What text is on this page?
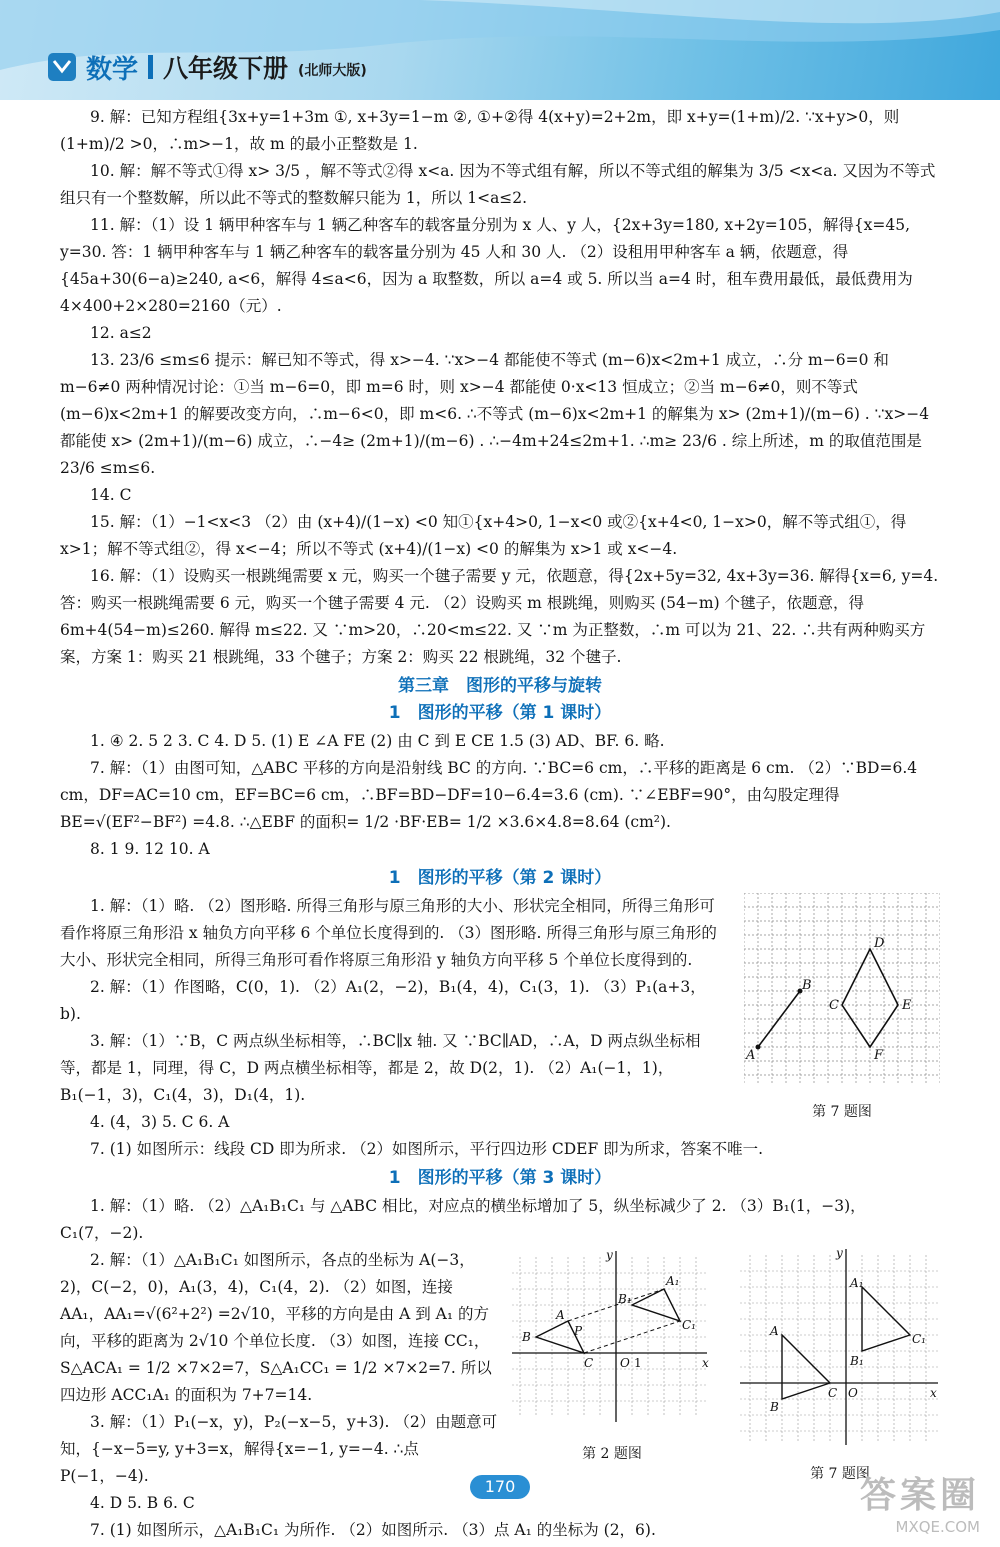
数学 八年级下册 (北师大版)

9. 解：已知方程组{3x+y=1+3m ①, x+3y=1−m ②, ①+②得 4(x+y)=2+2m，即 x+y=(1+m)/2. ∵x+y>0，则 (1+m)/2 >0，∴m>−1，故 m 的最小正整数是 1.

10. 解：解不等式①得 x> 3/5 ，解不等式②得 x<a. 因为不等式组有解，所以不等式组的解集为 3/5 <x<a. 又因为不等式组只有一个整数解，所以此不等式的整数解只能为 1，所以 1<a≤2.

11. 解：（1）设 1 辆甲种客车与 1 辆乙种客车的载客量分别为 x 人、y 人，{2x+3y=180, x+2y=105，解得{x=45, y=30. 答：1 辆甲种客车与 1 辆乙种客车的载客量分别为 45 人和 30 人. （2）设租用甲种客车 a 辆，依题意，得{45a+30(6−a)≥240, a<6，解得 4≤a<6，因为 a 取整数，所以 a=4 或 5. 所以当 a=4 时，租车费用最低，最低费用为 4×400+2×280=2160（元）.

12. a≤2

13. 23/6 ≤m≤6 提示：解已知不等式，得 x>−4. ∵x>−4 都能使不等式 (m−6)x<2m+1 成立，∴分 m−6=0 和 m−6≠0 两种情况讨论：①当 m−6=0，即 m=6 时，则 x>−4 都能使 0·x<13 恒成立；②当 m−6≠0，则不等式 (m−6)x<2m+1 的解要改变方向，∴m−6<0，即 m<6. ∴不等式 (m−6)x<2m+1 的解集为 x> (2m+1)/(m−6) . ∵x>−4 都能使 x> (2m+1)/(m−6) 成立，∴−4≥ (2m+1)/(m−6) . ∴−4m+24≤2m+1. ∴m≥ 23/6 . 综上所述，m 的取值范围是 23/6 ≤m≤6.

14. C

15. 解：（1）−1<x<3 （2）由 (x+4)/(1−x) <0 知①{x+4>0, 1−x<0 或②{x+4<0, 1−x>0，解不等式组①，得 x>1；解不等式组②，得 x<−4；所以不等式 (x+4)/(1−x) <0 的解集为 x>1 或 x<−4.

16. 解：（1）设购买一根跳绳需要 x 元，购买一个毽子需要 y 元，依题意，得{2x+5y=32, 4x+3y=36. 解得{x=6, y=4. 答：购买一根跳绳需要 6 元，购买一个毽子需要 4 元. （2）设购买 m 根跳绳，则购买 (54−m) 个毽子，依题意，得 6m+4(54−m)≤260. 解得 m≤22. 又 ∵m>20，∴20<m≤22. 又 ∵m 为正整数，∴m 可以为 21、22. ∴共有两种购买方案，方案 1：购买 21 根跳绳，33 个毽子；方案 2：购买 22 根跳绳，32 个毽子.

第三章　图形的平移与旋转
1　图形的平移（第 1 课时）

1. ④ 2. 5 2 3. C 4. D 5. (1) E ∠A FE (2) 由 C 到 E CE 1.5 (3) AD、BF. 6. 略.

7. 解：（1）由图可知，△ABC 平移的方向是沿射线 BC 的方向. ∵BC=6 cm，∴平移的距离是 6 cm. （2）∵BD=6.4 cm，DF=AC=10 cm，EF=BC=6 cm，∴BF=BD−DF=10−6.4=3.6 (cm). ∵∠EBF=90°，由勾股定理得 BE=√(EF²−BF²) =4.8. ∴△EBF 的面积= 1/2 ·BF·EB= 1/2 ×3.6×4.8=8.64 (cm²).

8. 1 9. 12 10. A

1　图形的平移（第 2 课时）
A
B
C
D
E
F
第 7 题图

1. 解：（1）略. （2）图形略. 所得三角形与原三角形的大小、形状完全相同，所得三角形可看作将原三角形沿 x 轴负方向平移 6 个单位长度得到的. （3）图形略. 所得三角形与原三角形的大小、形状完全相同，所得三角形可看作将原三角形沿 y 轴负方向平移 5 个单位长度得到的.

2. 解：（1）作图略，C(0，1). （2）A₁(2，−2)，B₁(4，4)，C₁(3，1). （3）P₁(a+3，b).

3. 解：（1）∵B，C 两点纵坐标相等，∴BC∥x 轴. 又 ∵BC∥AD，∴A，D 两点纵坐标相等，都是 1，同理，得 C，D 两点横坐标相等，都是 2，故 D(2，1). （2）A₁(−1，1)，B₁(−1，3)，C₁(4，3)，D₁(4，1).

4. (4，3) 5. C 6. A

7. (1) 如图所示：线段 CD 即为所求. （2）如图所示，平行四边形 CDEF 即为所求，答案不唯一.

1　图形的平移（第 3 课时）

1. 解：（1）略. （2）△A₁B₁C₁ 与 △ABC 相比，对应点的横坐标增加了 5，纵坐标减少了 2. （3）B₁(1，−3)，C₁(7，−2).

x
y
O 1
A
B
C
P
A₁
B₁
C₁
第 2 题图
x
y
O
A
B
C
A₁
B₁
C₁
第 7 题图

2. 解：（1）△A₁B₁C₁ 如图所示，各点的坐标为 A(−3，2)，C(−2，0)，A₁(3，4)，C₁(4，2). （2）如图，连接 AA₁，AA₁=√(6²+2²) =2√10，平移的方向是由 A 到 A₁ 的方向，平移的距离为 2√10 个单位长度. （3）如图，连接 CC₁，S△ACA₁ = 1/2 ×7×2=7，S△A₁CC₁ = 1/2 ×7×2=7. 所以四边形 ACC₁A₁ 的面积为 7+7=14.

3. 解：（1）P₁(−x，y)，P₂(−x−5，y+3). （2）由题意可知，{−x−5=y, y+3=x，解得{x=−1, y=−4. ∴点 P(−1，−4).

4. D 5. B 6. C

7. (1) 如图所示，△A₁B₁C₁ 为所作. （2）如图所示. （3）点 A₁ 的坐标为 (2，6).

170	答案圈
MXQE.COM
